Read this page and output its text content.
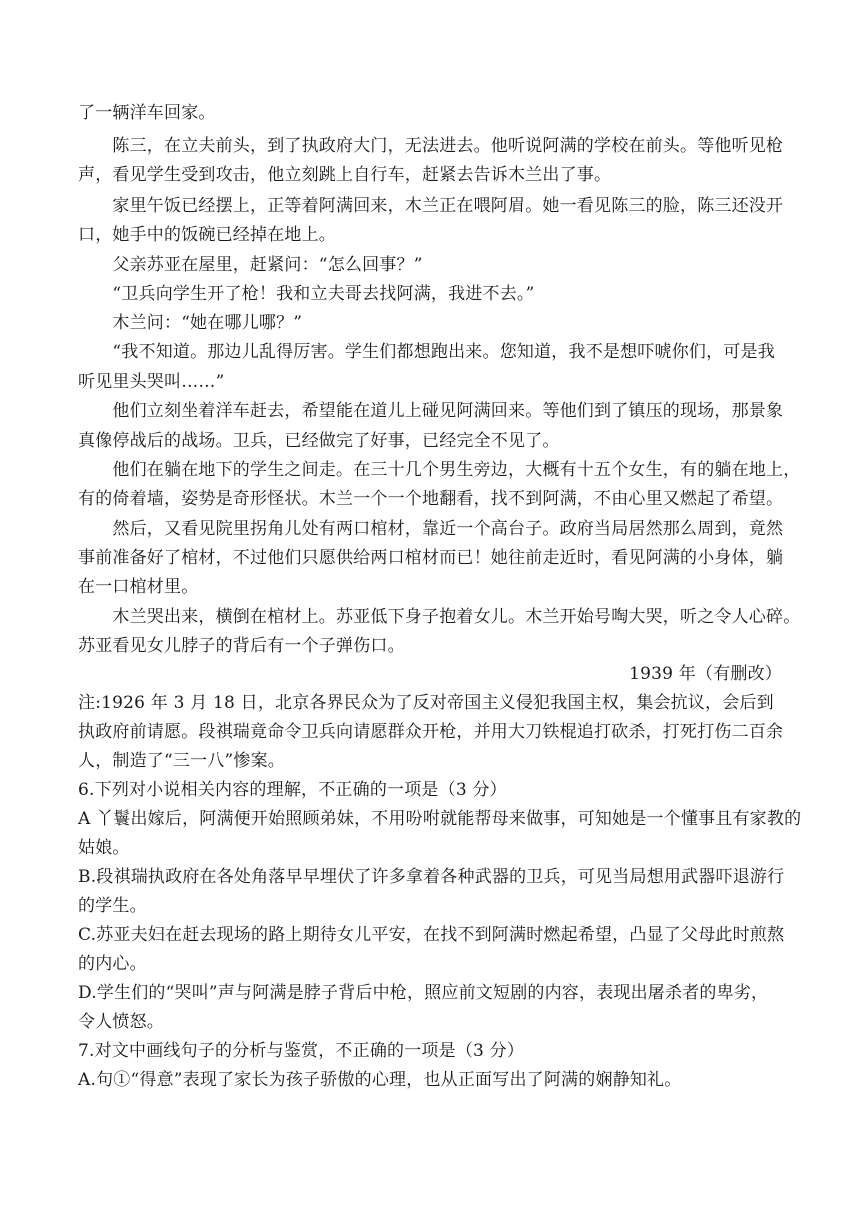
了一辆洋车回家。
　　陈三，在立夫前头，到了执政府大门，无法进去。他听说阿满的学校在前头。等他听见枪
声，看见学生受到攻击，他立刻跳上自行车，赶紧去告诉木兰出了事。
　　家里午饭已经摆上，正等着阿满回来，木兰正在喂阿眉。她一看见陈三的脸，陈三还没开
口，她手中的饭碗已经掉在地上。
　　父亲苏亚在屋里，赶紧问：“怎么回事？”
　　“卫兵向学生开了枪！我和立夫哥去找阿满，我进不去。”
　　木兰问：“她在哪儿哪？”
　　“我不知道。那边儿乱得厉害。学生们都想跑出来。您知道，我不是想吓唬你们，可是我
听见里头哭叫……”
　　他们立刻坐着洋车赶去，希望能在道儿上碰见阿满回来。等他们到了镇压的现场，那景象
真像停战后的战场。卫兵，已经做完了好事，已经完全不见了。
　　他们在躺在地下的学生之间走。在三十几个男生旁边，大概有十五个女生，有的躺在地上，
有的倚着墙，姿势是奇形怪状。木兰一个一个地翻看，找不到阿满，不由心里又燃起了希望。
　　然后，又看见院里拐角儿处有两口棺材，靠近一个高台子。政府当局居然那么周到，竟然
事前准备好了棺材，不过他们只愿供给两口棺材而已！她往前走近时，看见阿满的小身体，躺
在一口棺材里。
　　木兰哭出来，横倒在棺材上。苏亚低下身子抱着女儿。木兰开始号啕大哭，听之令人心碎。
苏亚看见女儿脖子的背后有一个子弹伤口。
1939 年（有删改）
注:1926 年 3 月 18 日，北京各界民众为了反对帝国主义侵犯我国主权，集会抗议，会后到
执政府前请愿。段祺瑞竟命令卫兵向请愿群众开枪，并用大刀铁棍追打砍杀，打死打伤二百余
人，制造了“三一八”惨案。
6.下列对小说相关内容的理解，不正确的一项是（3 分）
A 丫鬟出嫁后，阿满便开始照顾弟妹，不用吩咐就能帮母来做事，可知她是一个懂事且有家教的
姑娘。
B.段祺瑞执政府在各处角落早早埋伏了许多拿着各种武器的卫兵，可见当局想用武器吓退游行
的学生。
C.苏亚夫妇在赶去现场的路上期待女儿平安，在找不到阿满时燃起希望，凸显了父母此时煎熬
的内心。
D.学生们的“哭叫”声与阿满是脖子背后中枪，照应前文短剧的内容，表现出屠杀者的卑劣，
令人愤怒。
7.对文中画线句子的分析与鉴赏，不正确的一项是（3 分）
A.句①“得意”表现了家长为孩子骄傲的心理，也从正面写出了阿满的娴静知礼。
